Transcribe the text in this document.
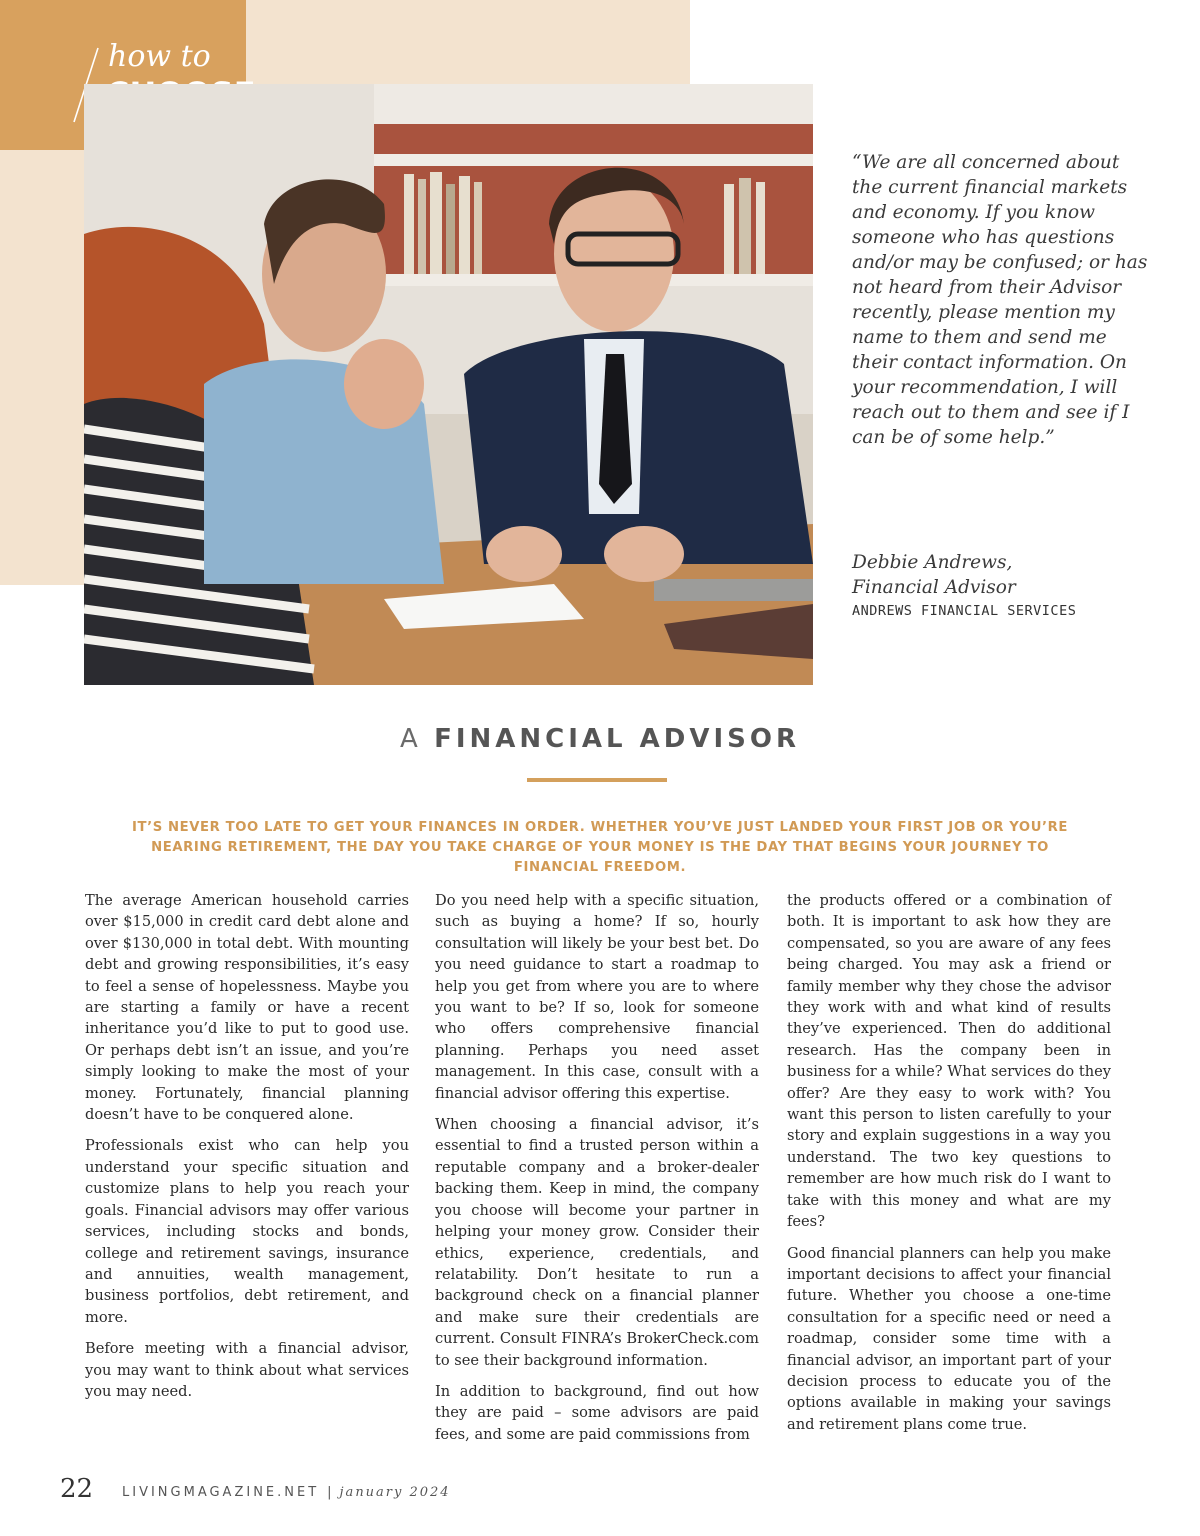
how to

“We are all concerned about the current financial markets and economy. If you know someone who has questions and/or may be confused; or has not heard from their Advisor recently, please mention my name to them and send me their contact information. On your recommendation, I will reach out to them and see if I can be of some help.”

Debbie Andrews,
Financial Advisor
ANDREWS FINANCIAL SERVICES
A FINANCIAL ADVISOR
IT’S NEVER TOO LATE TO GET YOUR FINANCES IN ORDER. WHETHER YOU’VE JUST LANDED YOUR FIRST JOB OR YOU’RE NEARING RETIREMENT, THE DAY YOU TAKE CHARGE OF YOUR MONEY IS THE DAY THAT BEGINS YOUR JOURNEY TO FINANCIAL FREEDOM.

The average American household carries over $15,000 in credit card debt alone and over $130,000 in total debt. With mounting debt and growing responsibilities, it’s easy to feel a sense of hopelessness. Maybe you are starting a family or have a recent inheritance you’d like to put to good use. Or perhaps debt isn’t an issue, and you’re simply looking to make the most of your money. Fortunately, financial planning doesn’t have to be conquered alone.

Professionals exist who can help you understand your specific situation and customize plans to help you reach your goals. Financial advisors may offer various services, including stocks and bonds, college and retirement savings, insurance and annuities, wealth management, business portfolios, debt retirement, and more.

Before meeting with a financial advisor, you may want to think about what services you may need.

Do you need help with a specific situation, such as buying a home? If so, hourly consultation will likely be your best bet. Do you need guidance to start a roadmap to help you get from where you are to where you want to be? If so, look for someone who offers comprehensive financial planning. Perhaps you need asset management. In this case, consult with a financial advisor offering this expertise.

When choosing a financial advisor, it’s essential to find a trusted person within a reputable company and a broker-dealer backing them. Keep in mind, the company you choose will become your partner in helping your money grow. Consider their ethics, experience, credentials, and relatability. Don’t hesitate to run a background check on a financial planner and make sure their credentials are current. Consult FINRA’s BrokerCheck.com to see their background information.

In addition to background, find out how they are paid – some advisors are paid fees, and some are paid commissions from

the products offered or a combination of both. It is important to ask how they are compensated, so you are aware of any fees being charged. You may ask a friend or family member why they chose the advisor they work with and what kind of results they’ve experienced. Then do additional research. Has the company been in business for a while? What services do they offer? Are they easy to work with? You want this person to listen carefully to your story and explain suggestions in a way you understand. The two key questions to remember are how much risk do I want to take with this money and what are my fees?

Good financial planners can help you make important decisions to affect your financial future. Whether you choose a one-time consultation for a specific need or need a roadmap, consider some time with a financial advisor, an important part of your decision process to educate you of the options available in making your savings and retirement plans come true.

22 LIVINGMAGAZINE.NET | january 2024
